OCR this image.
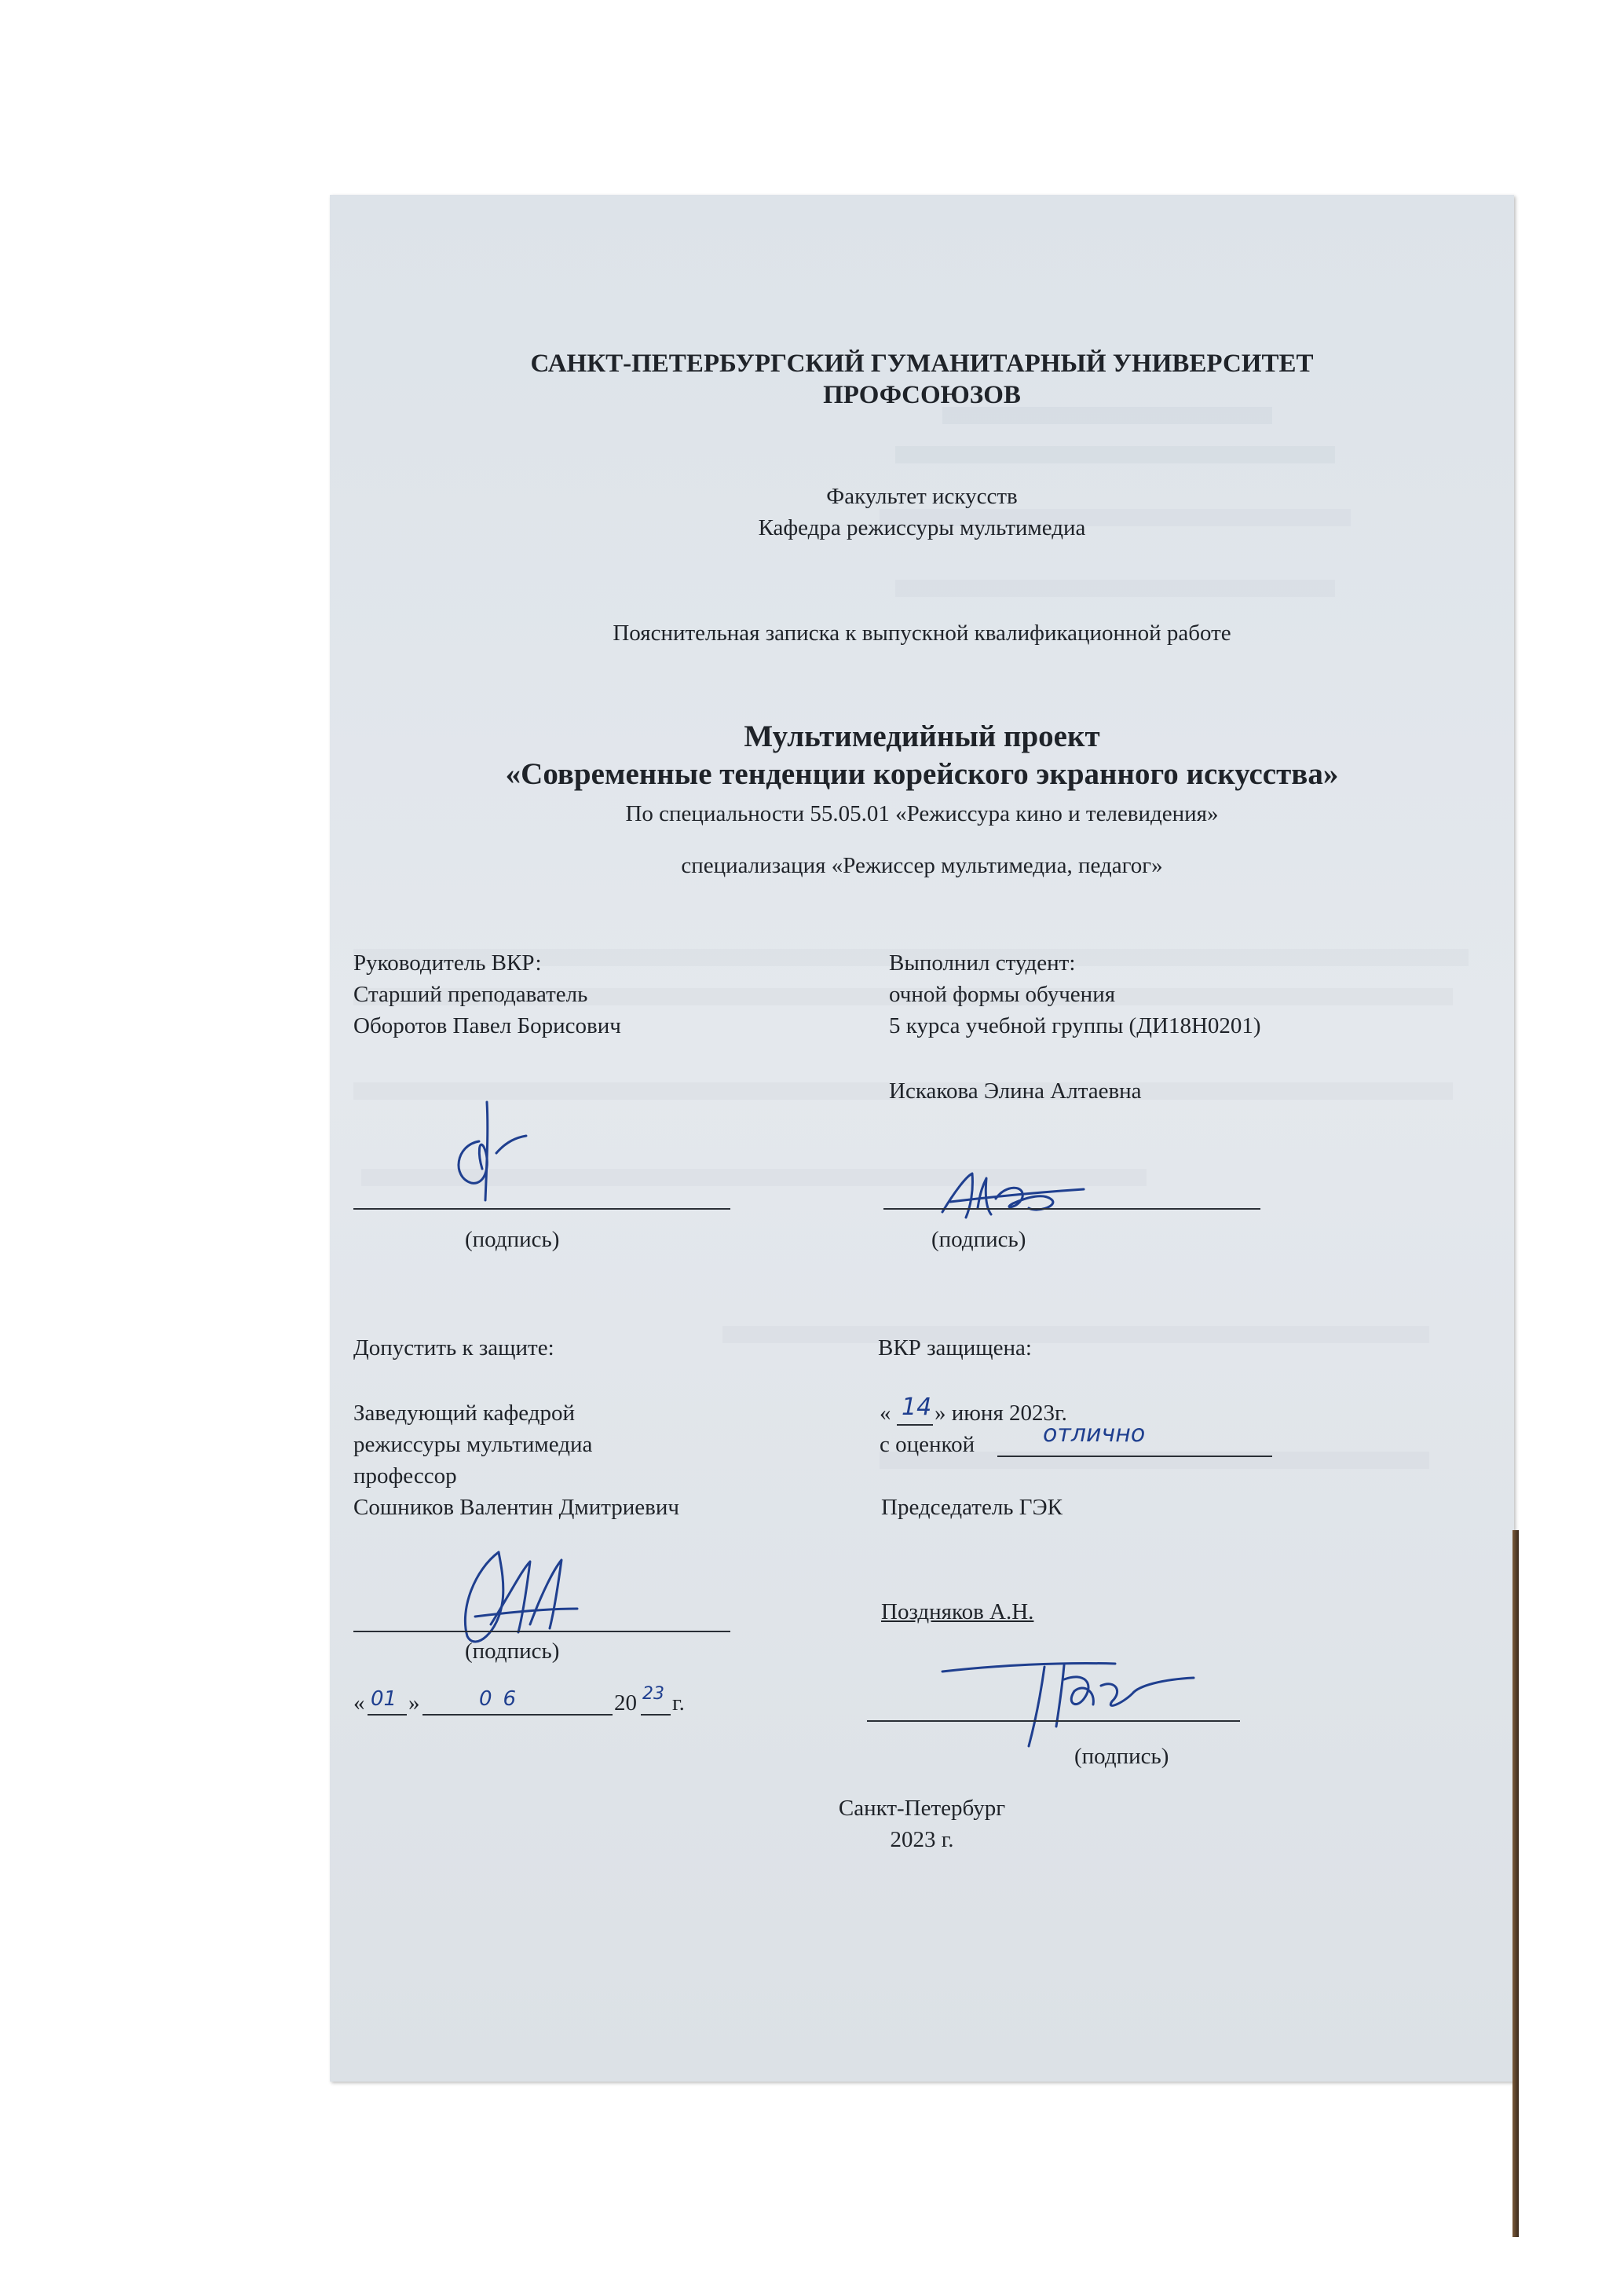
САНКТ-ПЕТЕРБУРГСКИЙ ГУМАНИТАРНЫЙ УНИВЕРСИТЕТ
ПРОФСОЮЗОВ
Факультет искусств
Кафедра режиссуры мультимедиа
Пояснительная записка к выпускной квалификационной работе
Мультимедийный проект
«Современные тенденции корейского экранного искусства»
По специальности 55.05.01 «Режиссура кино и телевидения»
специализация «Режиссер мультимедиа, педагог»
Руководитель ВКР:
Старший преподаватель
Оборотов Павел Борисович
Выполнил студент:
очной формы обучения
5 курса учебной группы (ДИ18Н0201)
Искакова Элина Алтаевна
(подпись)	(подпись)
Допустить к защите:
Заведующий кафедрой
режиссуры мультимедиа
профессор
Сошников Валентин Дмитриевич
(подпись)
« 01 »	06	20 23 г.
ВКР защищена:
« 14 » июня 2023г.
с оценкой	отлично
Председатель ГЭК
Поздняков А.Н.
(подпись)
Санкт-Петербург
2023 г.
